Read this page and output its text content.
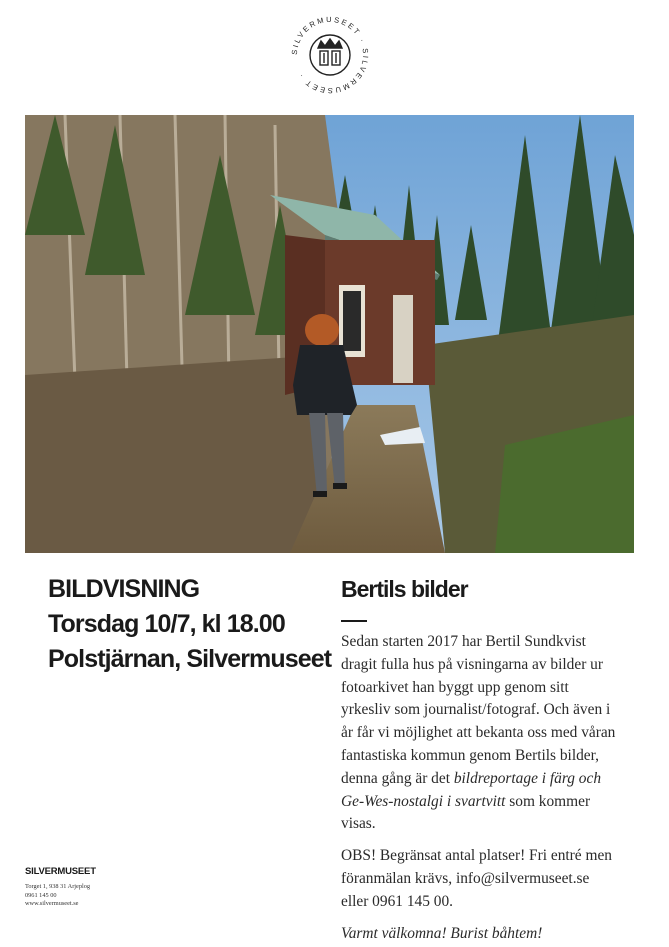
SILVERMUSEET · SILVERMUSEET ·
BILDVISNING
Torsdag 10/7, kl 18.00
Polstjärnan, Silvermuseet
Bertils bilder

Sedan starten 2017 har Bertil Sundkvist dragit fulla hus på visningarna av bilder ur fotoarkivet han byggt upp genom sitt yrkesliv som journalist/fotograf. Och även i år får vi möjlighet att bekanta oss med våran fantastiska kommun genom Bertils bilder, denna gång är det bildreportage i färg och Ge-Wes-nostalgi i svartvitt som kommer visas.

OBS! Begränsat antal platser! Fri entré men föranmälan krävs, info@silvermuseet.se eller 0961 145 00.

Varmt välkomna! Burist båhtem!

SILVERMUSEET
Torget 1, 938 31 Arjeplog
0961 145 00
www.silvermuseet.se
